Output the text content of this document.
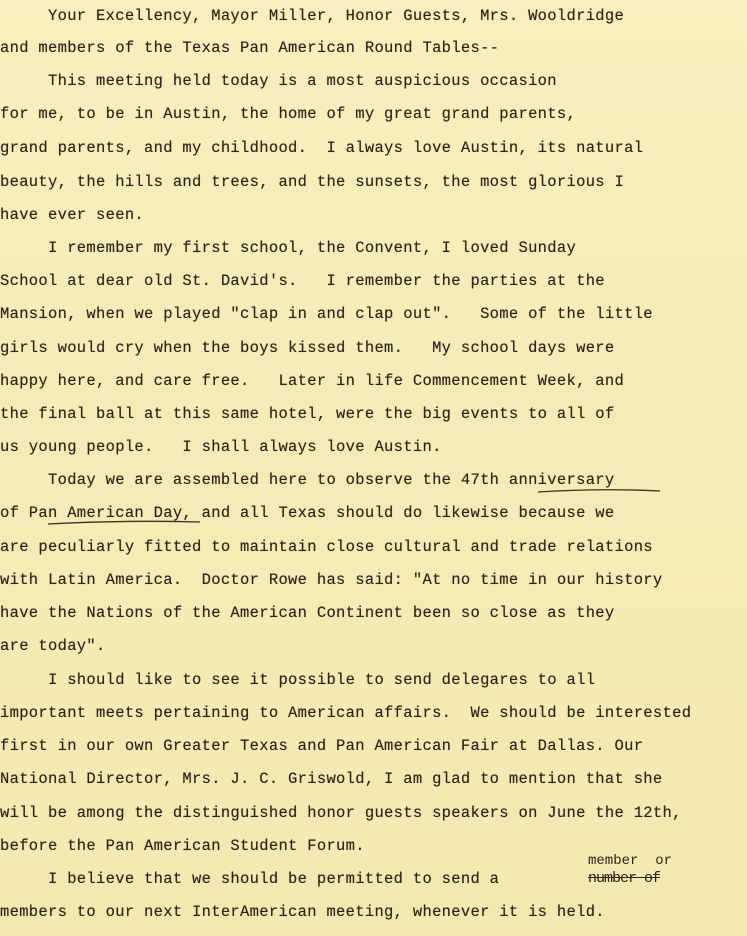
Your Excellency, Mayor Miller, Honor Guests, Mrs. Wooldridge
and members of the Texas Pan American Round Tables--
This meeting held today is a most auspicious occasion
for me, to be in Austin, the home of my great grand parents,
grand parents, and my childhood.  I always love Austin, its natural
beauty, the hills and trees, and the sunsets, the most glorious I
have ever seen.
I remember my first school, the Convent, I loved Sunday
School at dear old St. David's.   I remember the parties at the
Mansion, when we played "clap in and clap out".   Some of the little
girls would cry when the boys kissed them.   My school days were
happy here, and care free.   Later in life Commencement Week, and
the final ball at this same hotel, were the big events to all of
us young people.   I shall always love Austin.
Today we are assembled here to observe the 47th anniversary
of Pan American Day, and all Texas should do likewise because we
are peculiarly fitted to maintain close cultural and trade relations
with Latin America.  Doctor Rowe has said: "At no time in our history
have the Nations of the American Continent been so close as they
are today".
I should like to see it possible to send delegares to all
important meets pertaining to American affairs.  We should be interested
first in our own Greater Texas and Pan American Fair at Dallas. Our
National Director, Mrs. J. C. Griswold, I am glad to mention that she
will be among the distinguished honor guests speakers on June the 12th,
before the Pan American Student Forum.
member  or
I believe that we should be permitted to send a	number of
members to our next InterAmerican meeting, whenever it is held.
